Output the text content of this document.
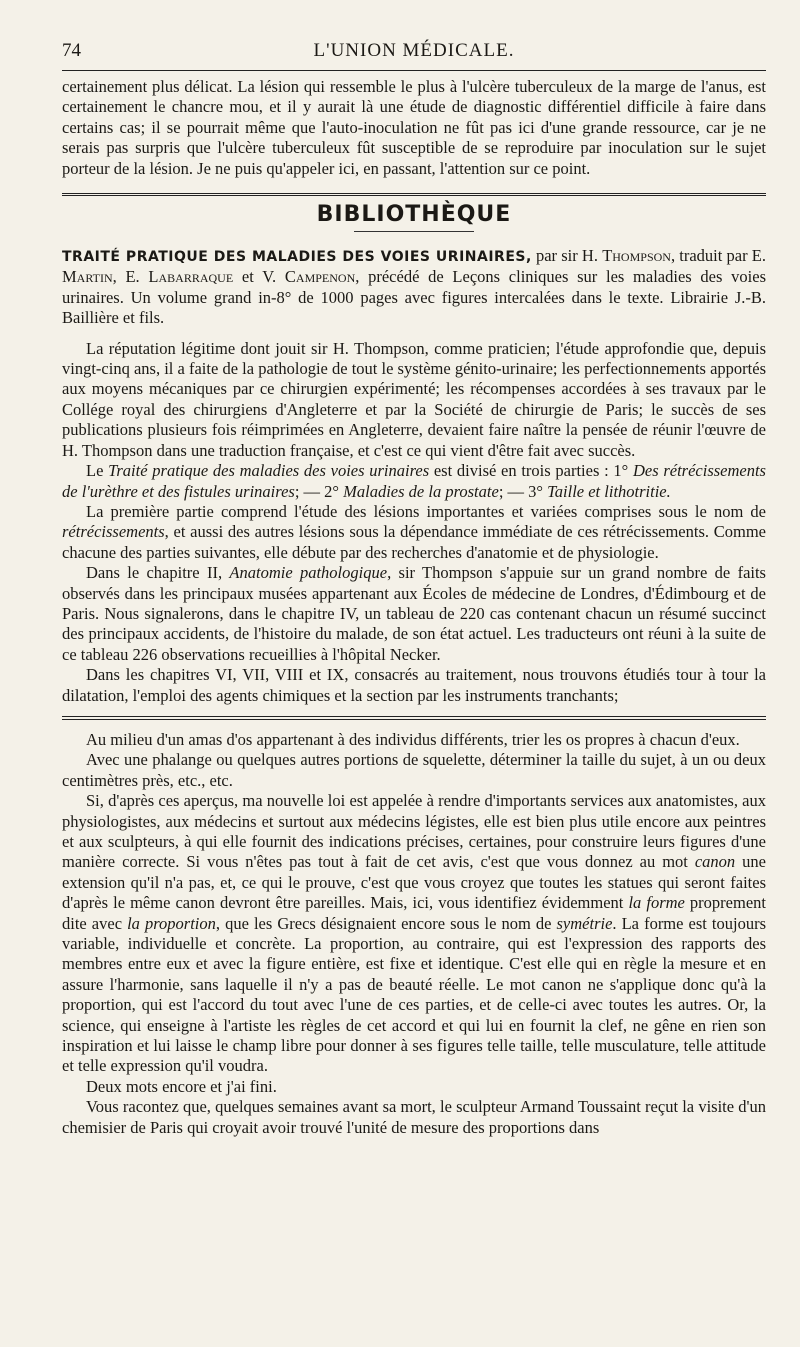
74	L'UNION MÉDICALE.

certainement plus délicat. La lésion qui ressemble le plus à l'ulcère tuberculeux de la marge de l'anus, est certainement le chancre mou, et il y aurait là une étude de diagnostic différentiel difficile à faire dans certains cas; il se pourrait même que l'auto-inoculation ne fût pas ici d'une grande ressource, car je ne serais pas surpris que l'ulcère tuberculeux fût susceptible de se reproduire par inoculation sur le sujet porteur de la lésion. Je ne puis qu'appeler ici, en passant, l'attention sur ce point.

BIBLIOTHÈQUE

TRAITÉ PRATIQUE DES MALADIES DES VOIES URINAIRES, par sir H. Thompson, traduit par E. Martin, E. Labarraque et V. Campenon, précédé de Leçons cliniques sur les maladies des voies urinaires. Un volume grand in-8° de 1000 pages avec figures intercalées dans le texte. Librairie J.-B. Baillière et fils.

La réputation légitime dont jouit sir H. Thompson, comme praticien; l'étude approfondie que, depuis vingt-cinq ans, il a faite de la pathologie de tout le système génito-urinaire; les perfectionnements apportés aux moyens mécaniques par ce chirurgien expérimenté; les récompenses accordées à ses travaux par le Collége royal des chirurgiens d'Angleterre et par la Société de chirurgie de Paris; le succès de ses publications plusieurs fois réimprimées en Angleterre, devaient faire naître la pensée de réunir l'œuvre de H. Thompson dans une traduction française, et c'est ce qui vient d'être fait avec succès.

Le Traité pratique des maladies des voies urinaires est divisé en trois parties : 1° Des rétrécissements de l'urèthre et des fistules urinaires; — 2° Maladies de la prostate; — 3° Taille et lithotritie.

La première partie comprend l'étude des lésions importantes et variées comprises sous le nom de rétrécissements, et aussi des autres lésions sous la dépendance immédiate de ces rétrécissements. Comme chacune des parties suivantes, elle débute par des recherches d'anatomie et de physiologie.

Dans le chapitre II, Anatomie pathologique, sir Thompson s'appuie sur un grand nombre de faits observés dans les principaux musées appartenant aux Écoles de médecine de Londres, d'Édimbourg et de Paris. Nous signalerons, dans le chapitre IV, un tableau de 220 cas contenant chacun un résumé succinct des principaux accidents, de l'histoire du malade, de son état actuel. Les traducteurs ont réuni à la suite de ce tableau 226 observations recueillies à l'hôpital Necker.

Dans les chapitres VI, VII, VIII et IX, consacrés au traitement, nous trouvons étudiés tour à tour la dilatation, l'emploi des agents chimiques et la section par les instruments tranchants;

Au milieu d'un amas d'os appartenant à des individus différents, trier les os propres à chacun d'eux.

Avec une phalange ou quelques autres portions de squelette, déterminer la taille du sujet, à un ou deux centimètres près, etc., etc.

Si, d'après ces aperçus, ma nouvelle loi est appelée à rendre d'importants services aux anatomistes, aux physiologistes, aux médecins et surtout aux médecins légistes, elle est bien plus utile encore aux peintres et aux sculpteurs, à qui elle fournit des indications précises, certaines, pour construire leurs figures d'une manière correcte. Si vous n'êtes pas tout à fait de cet avis, c'est que vous donnez au mot canon une extension qu'il n'a pas, et, ce qui le prouve, c'est que vous croyez que toutes les statues qui seront faites d'après le même canon devront être pareilles. Mais, ici, vous identifiez évidemment la forme proprement dite avec la proportion, que les Grecs désignaient encore sous le nom de symétrie. La forme est toujours variable, individuelle et concrète. La proportion, au contraire, qui est l'expression des rapports des membres entre eux et avec la figure entière, est fixe et identique. C'est elle qui en règle la mesure et en assure l'harmonie, sans laquelle il n'y a pas de beauté réelle. Le mot canon ne s'applique donc qu'à la proportion, qui est l'accord du tout avec l'une de ces parties, et de celle-ci avec toutes les autres. Or, la science, qui enseigne à l'artiste les règles de cet accord et qui lui en fournit la clef, ne gêne en rien son inspiration et lui laisse le champ libre pour donner à ses figures telle taille, telle musculature, telle attitude et telle expression qu'il voudra.

Deux mots encore et j'ai fini.

Vous racontez que, quelques semaines avant sa mort, le sculpteur Armand Toussaint reçut la visite d'un chemisier de Paris qui croyait avoir trouvé l'unité de mesure des proportions dans
